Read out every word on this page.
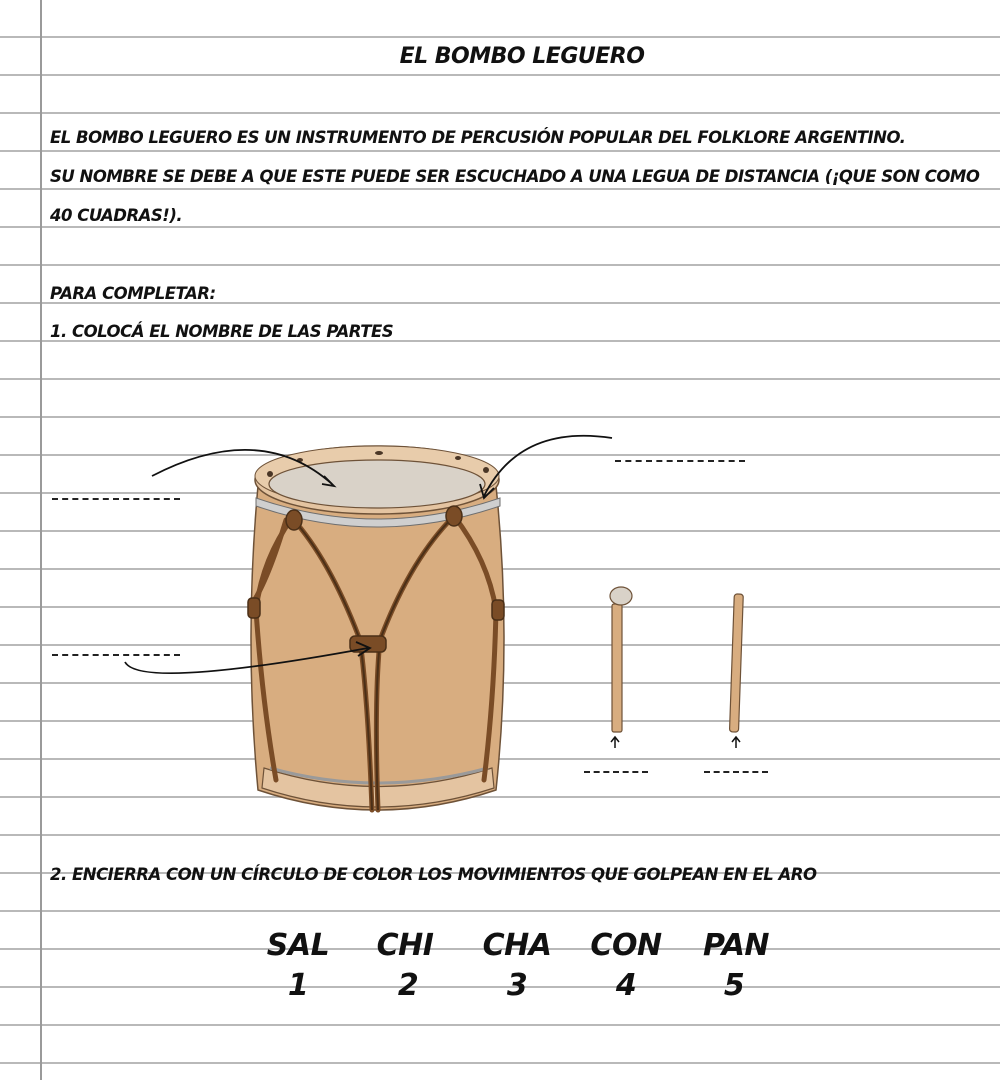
EL BOMBO LEGUERO
EL BOMBO LEGUERO ES UN INSTRUMENTO DE PERCUSIÓN POPULAR DEL FOLKLORE ARGENTINO.
SU NOMBRE SE DEBE A QUE ESTE PUEDE SER ESCUCHADO A UNA LEGUA DE DISTANCIA (¡QUE SON COMO
40 CUADRAS!).
PARA COMPLETAR:
1. COLOCÁ EL NOMBRE DE LAS PARTES
2. ENCIERRA CON UN CÍRCULO DE COLOR LOS MOVIMIENTOS QUE GOLPEAN EN EL ARO
SAL	CHI	CHA	CON	PAN
1	2	3	4	5
